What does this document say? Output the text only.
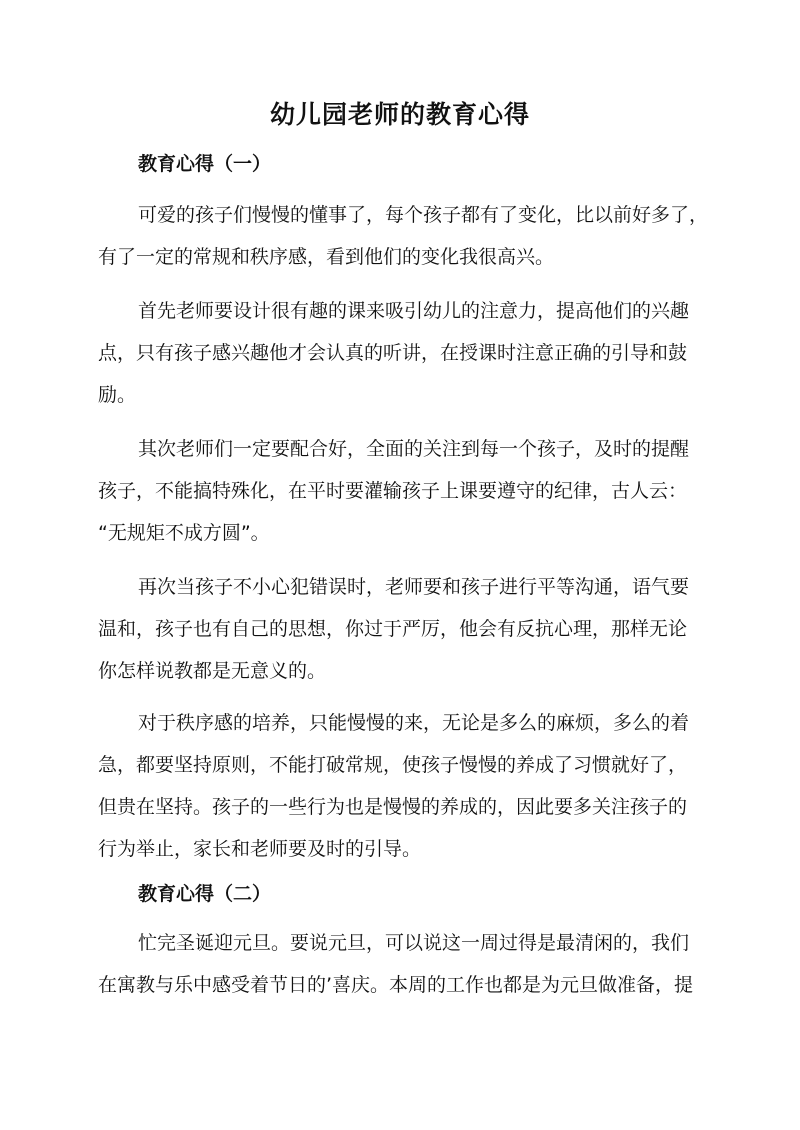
幼儿园老师的教育心得
教育心得（一）
可爱的孩子们慢慢的懂事了，每个孩子都有了变化，比以前好多了，
有了一定的常规和秩序感，看到他们的变化我很高兴。
首先老师要设计很有趣的课来吸引幼儿的注意力，提高他们的兴趣
点，只有孩子感兴趣他才会认真的听讲，在授课时注意正确的引导和鼓
励。
其次老师们一定要配合好，全面的关注到每一个孩子，及时的提醒
孩子，不能搞特殊化，在平时要灌输孩子上课要遵守的纪律，古人云：
“无规矩不成方圆”。
再次当孩子不小心犯错误时，老师要和孩子进行平等沟通，语气要
温和，孩子也有自己的思想，你过于严厉，他会有反抗心理，那样无论
你怎样说教都是无意义的。
对于秩序感的培养，只能慢慢的来，无论是多么的麻烦，多么的着
急，都要坚持原则，不能打破常规，使孩子慢慢的养成了习惯就好了，
但贵在坚持。孩子的一些行为也是慢慢的养成的，因此要多关注孩子的
行为举止，家长和老师要及时的引导。
教育心得（二）
忙完圣诞迎元旦。要说元旦，可以说这一周过得是最清闲的，我们
在寓教与乐中感受着节日的’喜庆。本周的工作也都是为元旦做准备，提
